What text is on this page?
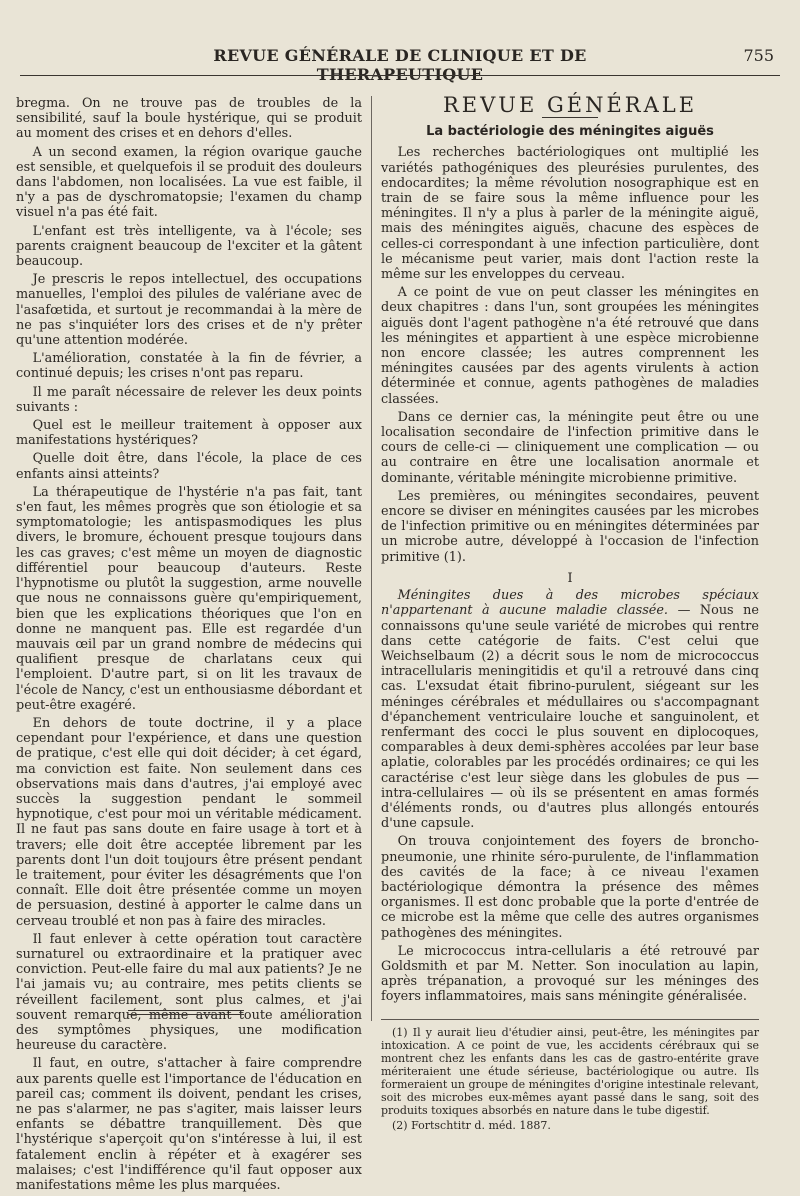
REVUE GÉNÉRALE DE CLINIQUE ET DE THERAPEUTIQUE
755

bregma. On ne trouve pas de troubles de la sensibilité, sauf la boule hystérique, qui se produit au moment des crises et en dehors d'elles.

A un second examen, la région ovarique gauche est sensible, et quelquefois il se produit des douleurs dans l'abdomen, non localisées. La vue est faible, il n'y a pas de dyschromatopsie; l'examen du champ visuel n'a pas été fait.

L'enfant est très intelligente, va à l'école; ses parents craignent beaucoup de l'exciter et la gâtent beaucoup.

Je prescris le repos intellectuel, des occupations manuelles, l'emploi des pilules de valériane avec de l'asafœtida, et surtout je recommandai à la mère de ne pas s'inquiéter lors des crises et de n'y prêter qu'une attention modérée.

L'amélioration, constatée à la fin de février, a continué depuis; les crises n'ont pas reparu.

Il me paraît nécessaire de relever les deux points suivants :

Quel est le meilleur traitement à opposer aux manifestations hystériques?

Quelle doit être, dans l'école, la place de ces enfants ainsi atteints?

La thérapeutique de l'hystérie n'a pas fait, tant s'en faut, les mêmes progrès que son étiologie et sa symptomatologie; les antispasmodiques les plus divers, le bromure, échouent presque toujours dans les cas graves; c'est même un moyen de diagnostic différentiel pour beaucoup d'auteurs. Reste l'hypnotisme ou plutôt la suggestion, arme nouvelle que nous ne connaissons guère qu'empiriquement, bien que les explications théoriques que l'on en donne ne manquent pas. Elle est regardée d'un mauvais œil par un grand nombre de médecins qui qualifient presque de charlatans ceux qui l'emploient. D'autre part, si on lit les travaux de l'école de Nancy, c'est un enthousiasme débordant et peut-être exagéré.

En dehors de toute doctrine, il y a place cependant pour l'expérience, et dans une question de pratique, c'est elle qui doit décider; à cet égard, ma conviction est faite. Non seulement dans ces observations mais dans d'autres, j'ai employé avec succès la suggestion pendant le sommeil hypnotique, c'est pour moi un véritable médicament. Il ne faut pas sans doute en faire usage à tort et à travers; elle doit être acceptée librement par les parents dont l'un doit toujours être présent pendant le traitement, pour éviter les désagréments que l'on connaît. Elle doit être présentée comme un moyen de persuasion, destiné à apporter le calme dans un cerveau troublé et non pas à faire des miracles.

Il faut enlever à cette opération tout caractère surnaturel ou extraordinaire et la pratiquer avec conviction. Peut-elle faire du mal aux patients? Je ne l'ai jamais vu; au contraire, mes petits clients se réveillent facilement, sont plus calmes, et j'ai souvent remarqué, même avant toute amélioration des symptômes physiques, une modification heureuse du caractère.

Il faut, en outre, s'attacher à faire comprendre aux parents quelle est l'importance de l'éducation en pareil cas; comment ils doivent, pendant les crises, ne pas s'alarmer, ne pas s'agiter, mais laisser leurs enfants se débattre tranquillement. Dès que l'hystérique s'aperçoit qu'on s'intéresse à lui, il est fatalement enclin à répéter et à exagérer ses malaises; c'est l'indifférence qu'il faut opposer aux manifestations même les plus marquées.

REVUE GÉNÉRALE
La bactériologie des méningites aiguës

Les recherches bactériologiques ont multiplié les variétés pathogéniques des pleurésies purulentes, des endocardites; la même révolution nosographique est en train de se faire sous la même influence pour les méningites. Il n'y a plus à parler de la méningite aiguë, mais des méningites aiguës, chacune des espèces de celles-ci correspondant à une infection particulière, dont le mécanisme peut varier, mais dont l'action reste la même sur les enveloppes du cerveau.

A ce point de vue on peut classer les méningites en deux chapitres : dans l'un, sont groupées les méningites aiguës dont l'agent pathogène n'a été retrouvé que dans les méningites et appartient à une espèce microbienne non encore classée; les autres comprennent les méningites causées par des agents virulents à action déterminée et connue, agents pathogènes de maladies classées.

Dans ce dernier cas, la méningite peut être ou une localisation secondaire de l'infection primitive dans le cours de celle-ci — cliniquement une complication — ou au contraire en être une localisation anormale et dominante, véritable méningite microbienne primitive.

Les premières, ou méningites secondaires, peuvent encore se diviser en méningites causées par les microbes de l'infection primitive ou en méningites déterminées par un microbe autre, développé à l'occasion de l'infection primitive (1).

I

Méningites dues à des microbes spéciaux n'appartenant à aucune maladie classée. — Nous ne connaissons qu'une seule variété de microbes qui rentre dans cette catégorie de faits. C'est celui que Weichselbaum (2) a décrit sous le nom de micrococcus intracellularis meningitidis et qu'il a retrouvé dans cinq cas. L'exsudat était fibrino-purulent, siégeant sur les méninges cérébrales et médullaires ou s'accompagnant d'épanchement ventriculaire louche et sanguinolent, et renfermant des cocci le plus souvent en diplocoques, comparables à deux demi-sphères accolées par leur base aplatie, colorables par les procédés ordinaires; ce qui les caractérise c'est leur siège dans les globules de pus — intra-cellulaires — où ils se présentent en amas formés d'éléments ronds, ou d'autres plus allongés entourés d'une capsule.

On trouva conjointement des foyers de broncho-pneumonie, une rhinite séro-purulente, de l'inflammation des cavités de la face; à ce niveau l'examen bactériologique démontra la présence des mêmes organismes. Il est donc probable que la porte d'entrée de ce microbe est la même que celle des autres organismes pathogènes des méningites.

Le micrococcus intra-cellularis a été retrouvé par Goldsmith et par M. Netter. Son inoculation au lapin, après trépanation, a provoqué sur les méninges des foyers inflammatoires, mais sans méningite généralisée.

(1) Il y aurait lieu d'étudier ainsi, peut-être, les méningites par intoxication. A ce point de vue, les accidents cérébraux qui se montrent chez les enfants dans les cas de gastro-entérite grave mériteraient une étude sérieuse, bactériologique ou autre. Ils formeraient un groupe de méningites d'origine intestinale relevant, soit des microbes eux-mêmes ayant passé dans le sang, soit des produits toxiques absorbés en nature dans le tube digestif.

(2) Fortschtitr d. méd. 1887.
